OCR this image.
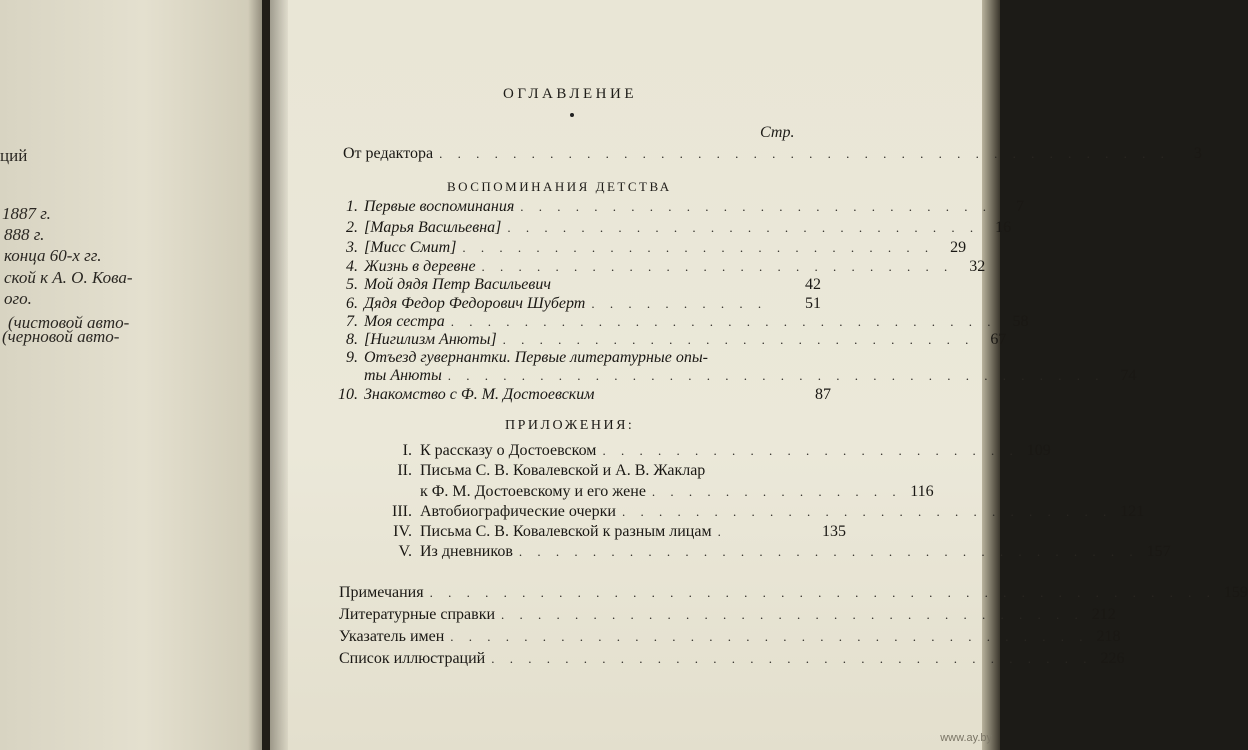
ций
1887 г.
888 г.
конца 60-х гг.
ской к А. О. Кова-
ого.
(чистовой авто-
(черновой авто-
ОГЛАВЛЕНИЕ
Стр.
От редактора . . . . . . . . . . . . . . . . . . . . . . . . . . . . . . . . . . . . . . . .	3
ВОСПОМИНАНИЯ ДЕТСТВА
1. Первые воспоминания . . . . . . . . . . . . . . . . . . . . . . . . . .	7
2. [Марья Васильевна] . . . . . . . . . . . . . . . . . . . . . . . . . .	16
3. [Мисс Смит] . . . . . . . . . . . . . . . . . . . . . . . . . .	29
4. Жизнь в деревне . . . . . . . . . . . . . . . . . . . . . . . . . .	32
5. Мой дядя Петр Васильевич	42
6. Дядя Федор Федорович Шуберт . . . . . . . . . .	51
7. Моя сестра . . . . . . . . . . . . . . . . . . . . . . . . . . . . . .	58
8. [Нигилизм Анюты] . . . . . . . . . . . . . . . . . . . . . . . . . .	67
9. Отъезд гувернантки. Первые литературные опы-
ты Анюты . . . . . . . . . . . . . . . . . . . . . . . . . . . . . . . . . . . .	74
10. Знакомство с Ф. М. Достоевским	87
ПРИЛОЖЕНИЯ:
I. К рассказу о Достоевском . . . . . . . . . . . . . . . . . . . . . . . 109
II. Письма С. В. Ковалевской и А. В. Жаклар
к Ф. М. Достоевскому и его жене . . . . . . . . . . . . . . 116
III. Автобиографические очерки . . . . . . . . . . . . . . . . . . . . . . . . . . . 121
IV. Письма С. В. Ковалевской к разным лицам .	135
V. Из дневников . . . . . . . . . . . . . . . . . . . . . . . . . . . . . . . . . . 157
Примечания . . . . . . . . . . . . . . . . . . . . . . . . . . . . . . . . . . . . . . . . . . . 159
Литературные справки . . . . . . . . . . . . . . . . . . . . . . . . . . . . . . . . 212
Указатель имен . . . . . . . . . . . . . . . . . . . . . . . . . . . . . . . . . . . 218
Список иллюстраций . . . . . . . . . . . . . . . . . . . . . . . . . . . . . . . . . 226
www.ay.by
